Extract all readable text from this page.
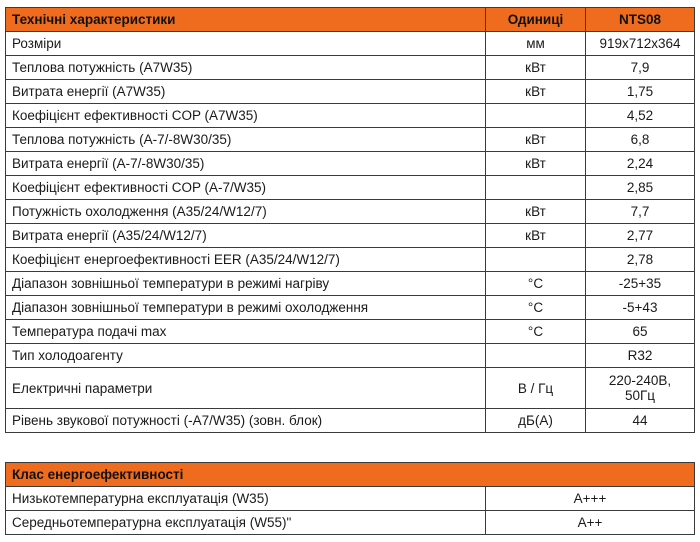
Технічні характеристики	Одиниці	NTS08
Розміри	мм	919x712x364
Теплова потужність (A7W35)	кВт	7,9
Витрата енергії (A7W35)	кВт	1,75
Коефіцієнт ефективності COP (A7W35)		4,52
Теплова потужність (A-7/-8W30/35)	кВт	6,8
Витрата енергії (A-7/-8W30/35)	кВт	2,24
Коефіцієнт ефективності COP (A-7/W35)		2,85
Потужність охолодження (A35/24/W12/7)	кВт	7,7
Витрата енергії (A35/24/W12/7)	кВт	2,77
Коефіцієнт енергоефективності EER (A35/24/W12/7)		2,78
Діапазон зовнішньої температури в режимі нагріву	°C	-25+35
Діапазон зовнішньої температури в режимі охолодження	°C	-5+43
Температура подачі max	°C	65
Тип холодоагенту		R32
Електричні параметри	В / Гц	220-240В, 50Гц
Рівень звукової потужності (-A7/W35) (зовн. блок)	дБ(A)	44
Клас енергоефективності	
Низькотемпературна експлуатація (W35)	A+++
Середньотемпературна експлуатація (W55)"	A++
